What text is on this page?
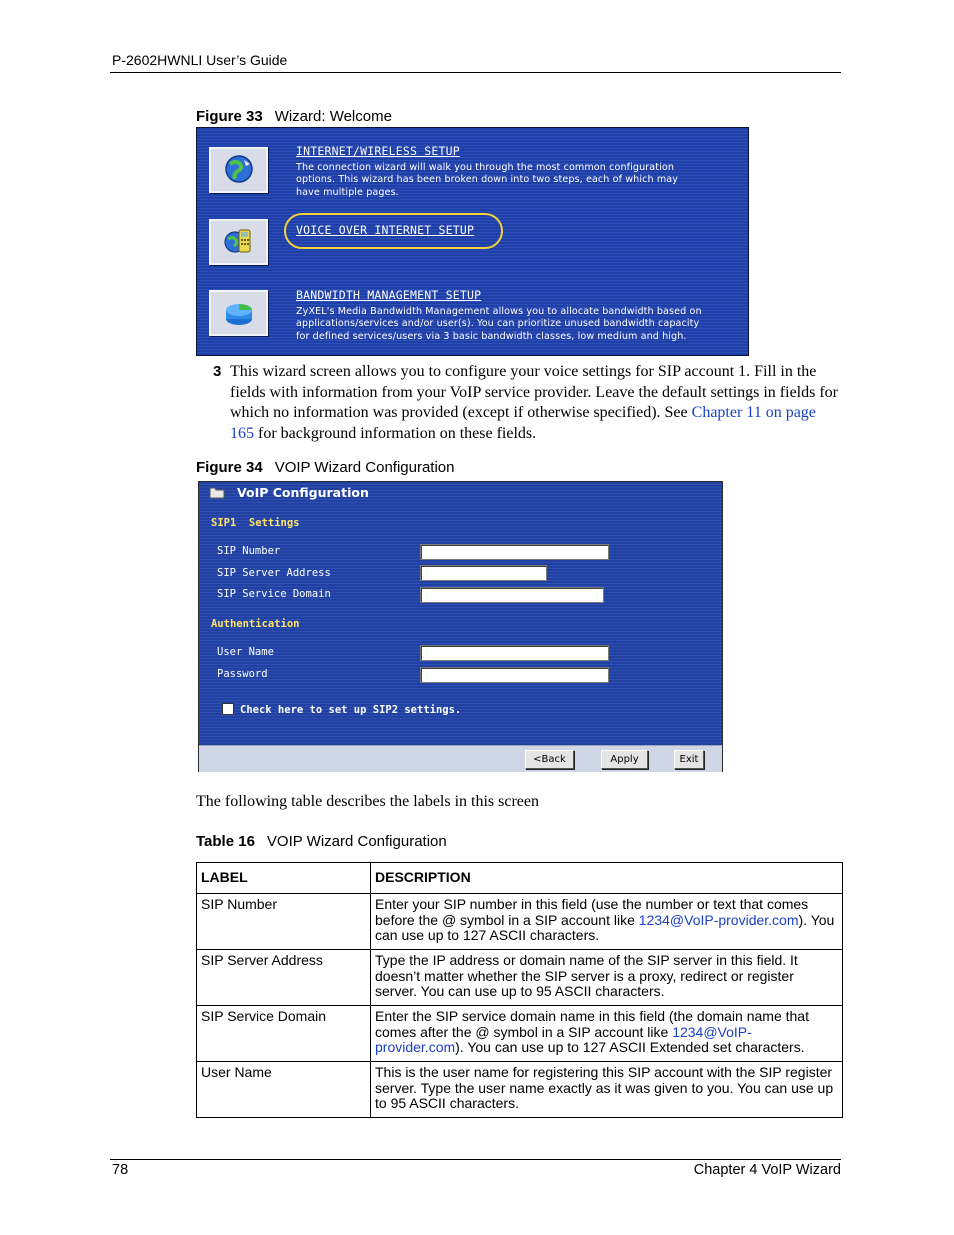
P-2602HWNLI User’s Guide
Figure 33 Wizard: Welcome
INTERNET/WIRELESS SETUP
The connection wizard will walk you through the most common configuration
options. This wizard has been broken down into two steps, each of which may
have multiple pages.
VOICE OVER INTERNET SETUP
BANDWIDTH MANAGEMENT SETUP
ZyXEL's Media Bandwidth Management allows you to allocate bandwidth based on
applications/services and/or user(s). You can prioritize unused bandwidth capacity
for defined services/users via 3 basic bandwidth classes, low medium and high.
3 This wizard screen allows you to configure your voice settings for SIP account 1. Fill in the fields with information from your VoIP service provider. Leave the default settings in fields for which no information was provided (except if otherwise specified). See Chapter 11 on page 165 for background information on these fields.
Figure 34 VOIP Wizard Configuration
VoIP Configuration
SIP1  Settings
SIP Number
SIP Server Address
SIP Service Domain
Authentication
User Name
Password
Check here to set up SIP2 settings.
<Back	Apply	Exit
The following table describes the labels in this screen
Table 16 VOIP Wizard Configuration
LABEL	DESCRIPTION
SIP Number	Enter your SIP number in this field (use the number or text that comes before the @ symbol in a SIP account like 1234@VoIP-provider.com). You can use up to 127 ASCII characters.
SIP Server Address	Type the IP address or domain name of the SIP server in this field. It doesn’t matter whether the SIP server is a proxy, redirect or register server. You can use up to 95 ASCII characters.
SIP Service Domain	Enter the SIP service domain name in this field (the domain name that comes after the @ symbol in a SIP account like 1234@VoIP-provider.com). You can use up to 127 ASCII Extended set characters.
User Name	This is the user name for registering this SIP account with the SIP register server. Type the user name exactly as it was given to you. You can use up to 95 ASCII characters.
78	Chapter 4 VoIP Wizard
